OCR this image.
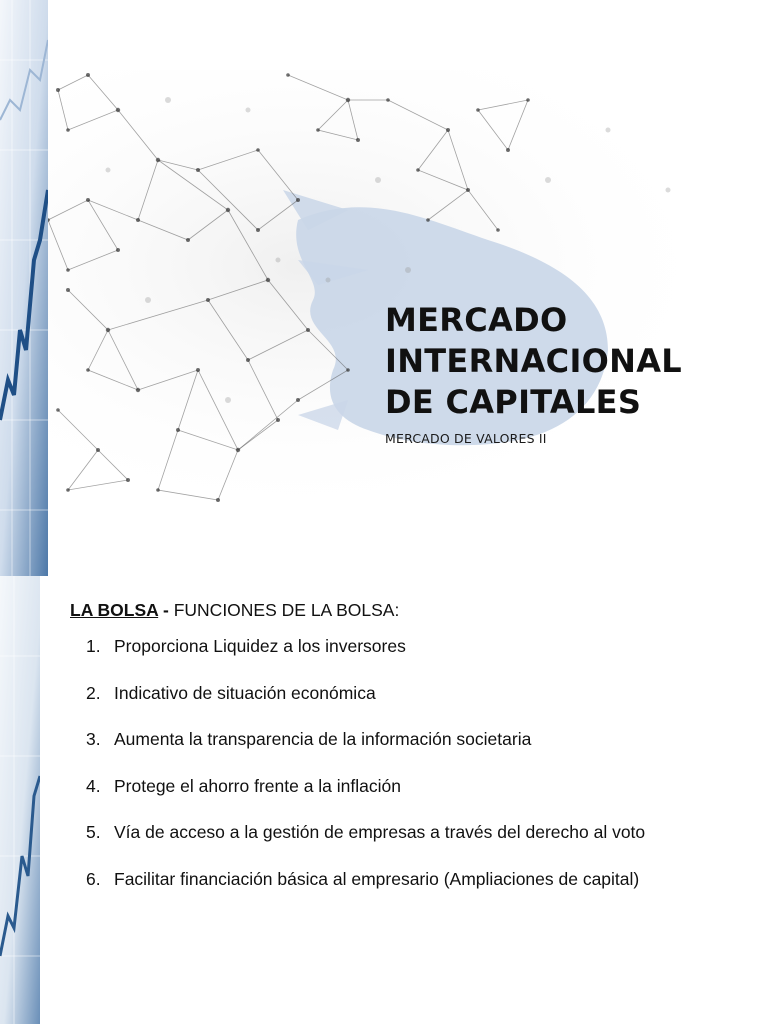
MERCADO
INTERNACIONAL
DE CAPITALES

MERCADO DE VALORES II

LA BOLSA - FUNCIONES DE LA BOLSA:
1. Proporciona Liquidez a los inversores
2. Indicativo de situación económica
3. Aumenta la transparencia de la información societaria
4. Protege el ahorro frente a la inflación
5. Vía de acceso a la gestión de empresas a través del derecho al voto
6. Facilitar financiación básica al empresario (Ampliaciones de capital)
